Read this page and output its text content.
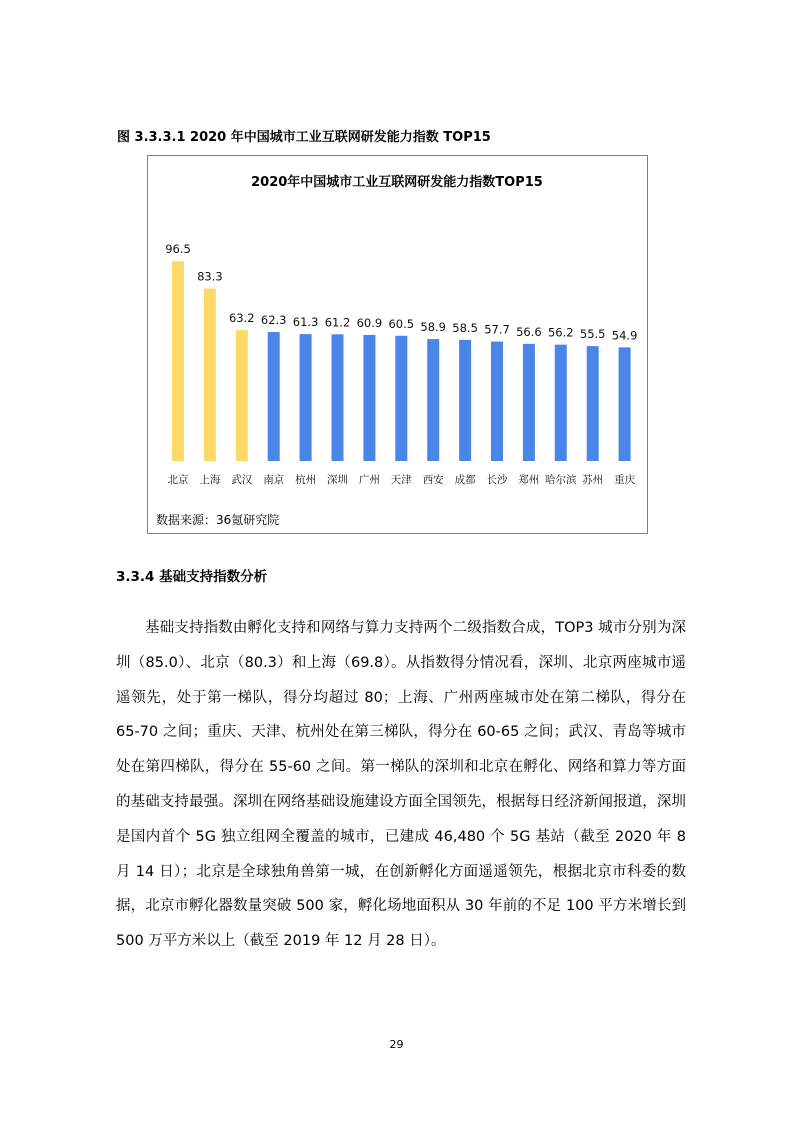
图 3.3.3.1 2020 年中国城市工业互联网研发能力指数 TOP15
2020年中国城市工业互联网研发能力指数TOP15
96.5
83.3
63.2 62.3 61.3 61.2 60.9 60.5 58.9 58.5 57.7 56.6 56.2 55.5 54.9
北京 上海 武汉 南京 杭州 深圳 广州 天津 西安 成都 长沙 郑州 哈尔滨 苏州 重庆
数据来源：36氪研究院
3.3.4 基础支持指数分析

基础支持指数由孵化支持和网络与算力支持两个二级指数合成，TOP3 城市分别为深圳（85.0）、北京（80.3）和上海（69.8）。从指数得分情况看，深圳、北京两座城市遥遥领先，处于第一梯队，得分均超过 80；上海、广州两座城市处在第二梯队，得分在 65-70 之间；重庆、天津、杭州处在第三梯队，得分在 60-65 之间；武汉、青岛等城市处在第四梯队，得分在 55-60 之间。第一梯队的深圳和北京在孵化、网络和算力等方面的基础支持最强。深圳在网络基础设施建设方面全国领先，根据每日经济新闻报道，深圳是国内首个 5G 独立组网全覆盖的城市，已建成 46,480 个 5G 基站（截至 2020 年 8 月 14 日）；北京是全球独角兽第一城，在创新孵化方面遥遥领先，根据北京市科委的数据，北京市孵化器数量突破 500 家，孵化场地面积从 30 年前的不足 100 平方米增长到 500 万平方米以上（截至 2019 年 12 月 28 日）。

29
